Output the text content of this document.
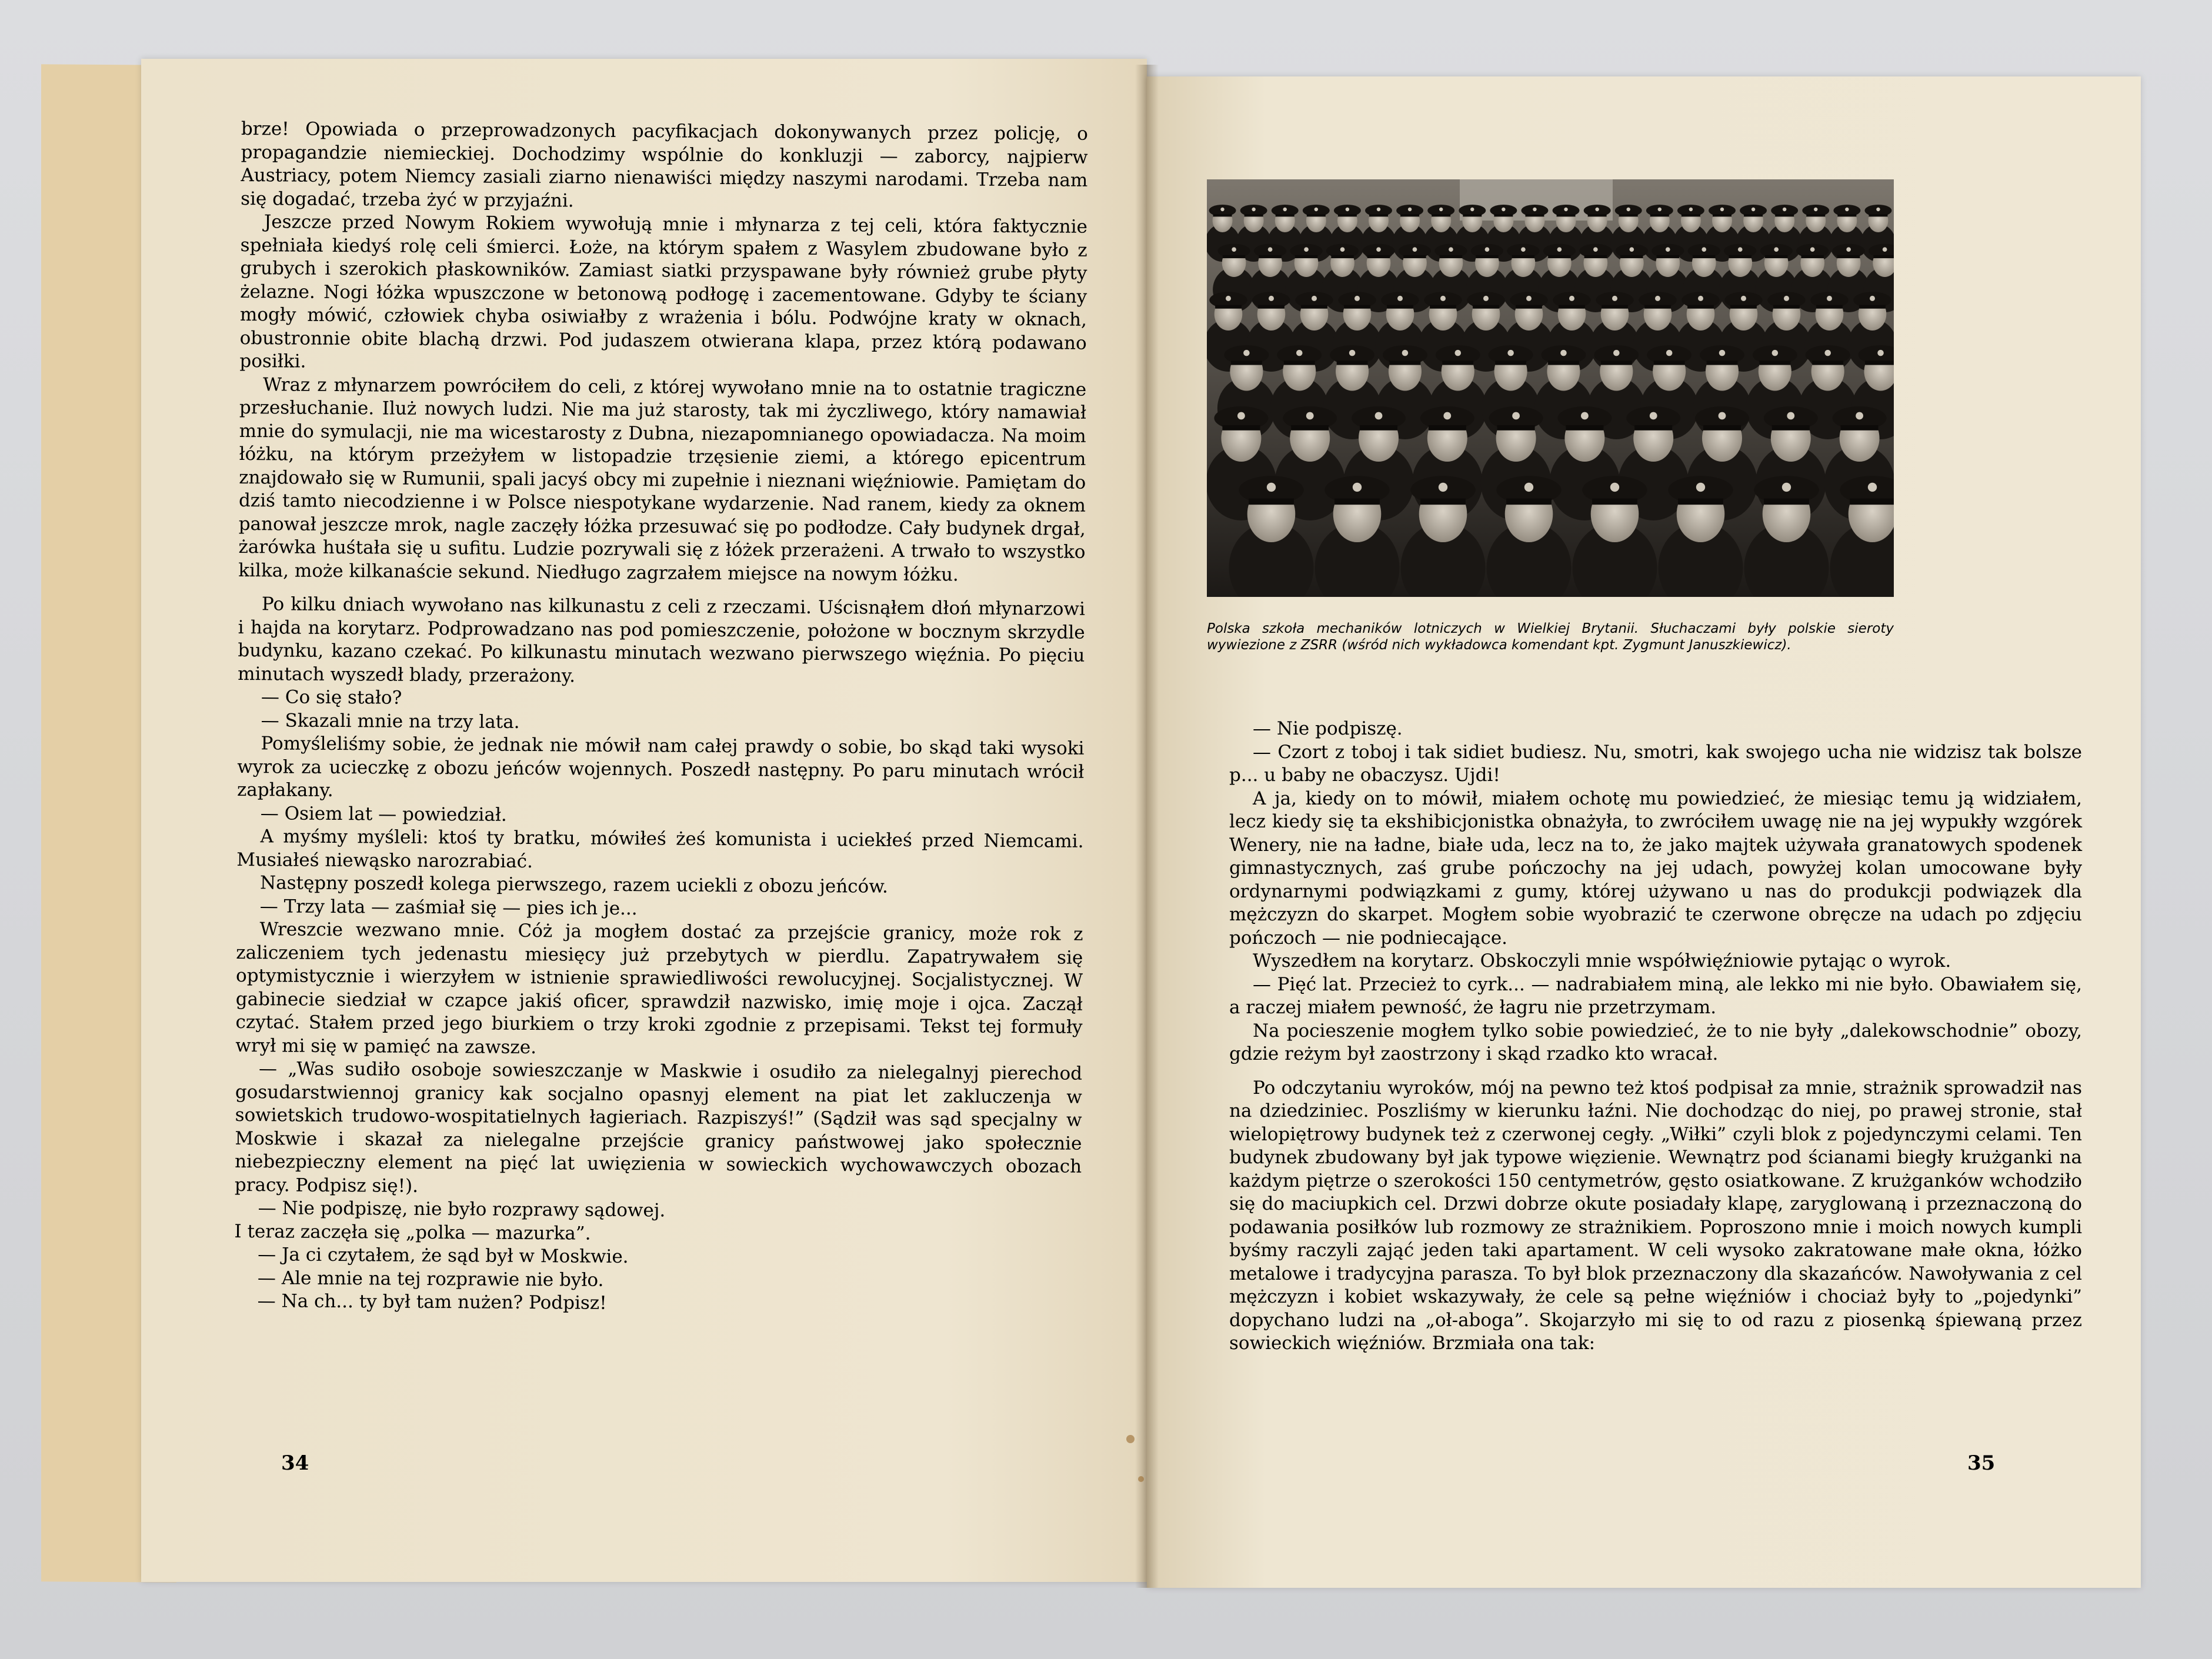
brze! Opowiada o przeprowadzonych pacyfikacjach dokonywanych przez policję, o propagandzie niemieckiej. Dochodzimy wspólnie do konkluzji — zaborcy, najpierw Austriacy, potem Niemcy zasiali ziarno nienawiści między naszymi narodami. Trzeba nam się dogadać, trzeba żyć w przyjaźni.

Jeszcze przed Nowym Rokiem wywołują mnie i młynarza z tej celi, która faktycznie spełniała kiedyś rolę celi śmierci. Łoże, na którym spałem z Wasylem zbudowane było z grubych i szerokich płaskowników. Zamiast siatki przyspawane były również grube płyty żelazne. Nogi łóżka wpuszczone w betonową podłogę i zacementowane. Gdyby te ściany mogły mówić, człowiek chyba osiwiałby z wrażenia i bólu. Podwójne kraty w oknach, obustronnie obite blachą drzwi. Pod judaszem otwierana klapa, przez którą podawano posiłki.

Wraz z młynarzem powróciłem do celi, z której wywołano mnie na to ostatnie tragiczne przesłuchanie. Iluż nowych ludzi. Nie ma już starosty, tak mi życzliwego, który namawiał mnie do symulacji, nie ma wicestarosty z Dubna, niezapomnianego opowiadacza. Na moim łóżku, na którym przeżyłem w listopadzie trzęsienie ziemi, a którego epicentrum znajdowało się w Rumunii, spali jacyś obcy mi zupełnie i nieznani więźniowie. Pamiętam do dziś tamto niecodzienne i w Polsce niespotykane wydarzenie. Nad ranem, kiedy za oknem panował jeszcze mrok, nagle zaczęły łóżka przesuwać się po podłodze. Cały budynek drgał, żarówka huśtała się u sufitu. Ludzie pozrywali się z łóżek przerażeni. A trwało to wszystko kilka, może kilkanaście sekund. Niedługo zagrzałem miejsce na nowym łóżku.

Po kilku dniach wywołano nas kilkunastu z celi z rzeczami. Uścisnąłem dłoń młynarzowi i hajda na korytarz. Podprowadzano nas pod pomieszczenie, położone w bocznym skrzydle budynku, kazano czekać. Po kilkunastu minutach wezwano pierwszego więźnia. Po pięciu minutach wyszedł blady, przerażony.

— Co się stało?

— Skazali mnie na trzy lata.

Pomyśleliśmy sobie, że jednak nie mówił nam całej prawdy o sobie, bo skąd taki wysoki wyrok za ucieczkę z obozu jeńców wojennych. Poszedł następny. Po paru minutach wrócił zapłakany.

— Osiem lat — powiedział.

A myśmy myśleli: ktoś ty bratku, mówiłeś żeś komunista i uciekłeś przed Niemcami. Musiałeś niewąsko narozrabiać.

Następny poszedł kolega pierwszego, razem uciekli z obozu jeńców.

— Trzy lata — zaśmiał się — pies ich je...

Wreszcie wezwano mnie. Cóż ja mogłem dostać za przejście granicy, może rok z zaliczeniem tych jedenastu miesięcy już przebytych w pierdlu. Zapatrywałem się optymistycznie i wierzyłem w istnienie sprawiedliwości rewolucyjnej. Socjalistycznej. W gabinecie siedział w czapce jakiś oficer, sprawdził nazwisko, imię moje i ojca. Zaczął czytać. Stałem przed jego biurkiem o trzy kroki zgodnie z przepisami. Tekst tej formuły wrył mi się w pamięć na zawsze.

— „Was sudiło osoboje sowieszczanje w Maskwie i osudiło za nielegalnyj pierechod gosudarstwiennoj granicy kak socjalno opasnyj element na piat let zakluczenja w sowietskich trudowo-wospitatielnych łagieriach. Razpiszyś!” (Sądził was sąd specjalny w Moskwie i skazał za nielegalne przejście granicy państwowej jako społecznie niebezpieczny element na pięć lat uwięzienia w sowieckich wychowawczych obozach pracy. Podpisz się!).

— Nie podpiszę, nie było rozprawy sądowej.

I teraz zaczęła się „polka — mazurka”.

— Ja ci czytałem, że sąd był w Moskwie.

— Ale mnie na tej rozprawie nie było.

— Na ch... ty był tam nużen? Podpisz!

34
Polska szkoła mechaników lotniczych w Wielkiej Brytanii. Słuchaczami były polskie sieroty wywiezione z ZSRR (wśród nich wykładowca komendant kpt. Zygmunt Januszkiewicz).

— Nie podpiszę.

— Czort z toboj i tak sidiet budiesz. Nu, smotri, kak swojego ucha nie widzisz tak bolsze p... u baby ne obaczysz. Ujdi!

A ja, kiedy on to mówił, miałem ochotę mu powiedzieć, że miesiąc temu ją widziałem, lecz kiedy się ta ekshibicjonistka obnażyła, to zwróciłem uwagę nie na jej wypukły wzgórek Wenery, nie na ładne, białe uda, lecz na to, że jako majtek używała granatowych spodenek gimnastycznych, zaś grube pończochy na jej udach, powyżej kolan umocowane były ordynarnymi podwiązkami z gumy, której używano u nas do produkcji podwiązek dla mężczyzn do skarpet. Mogłem sobie wyobrazić te czerwone obręcze na udach po zdjęciu pończoch — nie podniecające.

Wyszedłem na korytarz. Obskoczyli mnie współwięźniowie pytając o wyrok.

— Pięć lat. Przecież to cyrk... — nadrabiałem miną, ale lekko mi nie było. Obawiałem się, a raczej miałem pewność, że łagru nie przetrzymam.

Na pocieszenie mogłem tylko sobie powiedzieć, że to nie były „dalekowschodnie” obozy, gdzie reżym był zaostrzony i skąd rzadko kto wracał.

Po odczytaniu wyroków, mój na pewno też ktoś podpisał za mnie, strażnik sprowadził nas na dziedziniec. Poszliśmy w kierunku łaźni. Nie dochodząc do niej, po prawej stronie, stał wielopiętrowy budynek też z czerwonej cegły. „Wiłki” czyli blok z pojedynczymi celami. Ten budynek zbudowany był jak typowe więzienie. Wewnątrz pod ścianami biegły krużganki na każdym piętrze o szerokości 150 centymetrów, gęsto osiatkowane. Z krużganków wchodziło się do maciupkich cel. Drzwi dobrze okute posiadały klapę, zaryglowaną i przeznaczoną do podawania posiłków lub rozmowy ze strażnikiem. Poproszono mnie i moich nowych kumpli byśmy raczyli zająć jeden taki apartament. W celi wysoko zakratowane małe okna, łóżko metalowe i tradycyjna parasza. To był blok przeznaczony dla skazańców. Nawoływania z cel mężczyzn i kobiet wskazywały, że cele są pełne więźniów i chociaż były to „pojedynki” dopychano ludzi na „oł-aboga”. Skojarzyło mi się to od razu z piosenką śpiewaną przez sowieckich więźniów. Brzmiała ona tak:

35
